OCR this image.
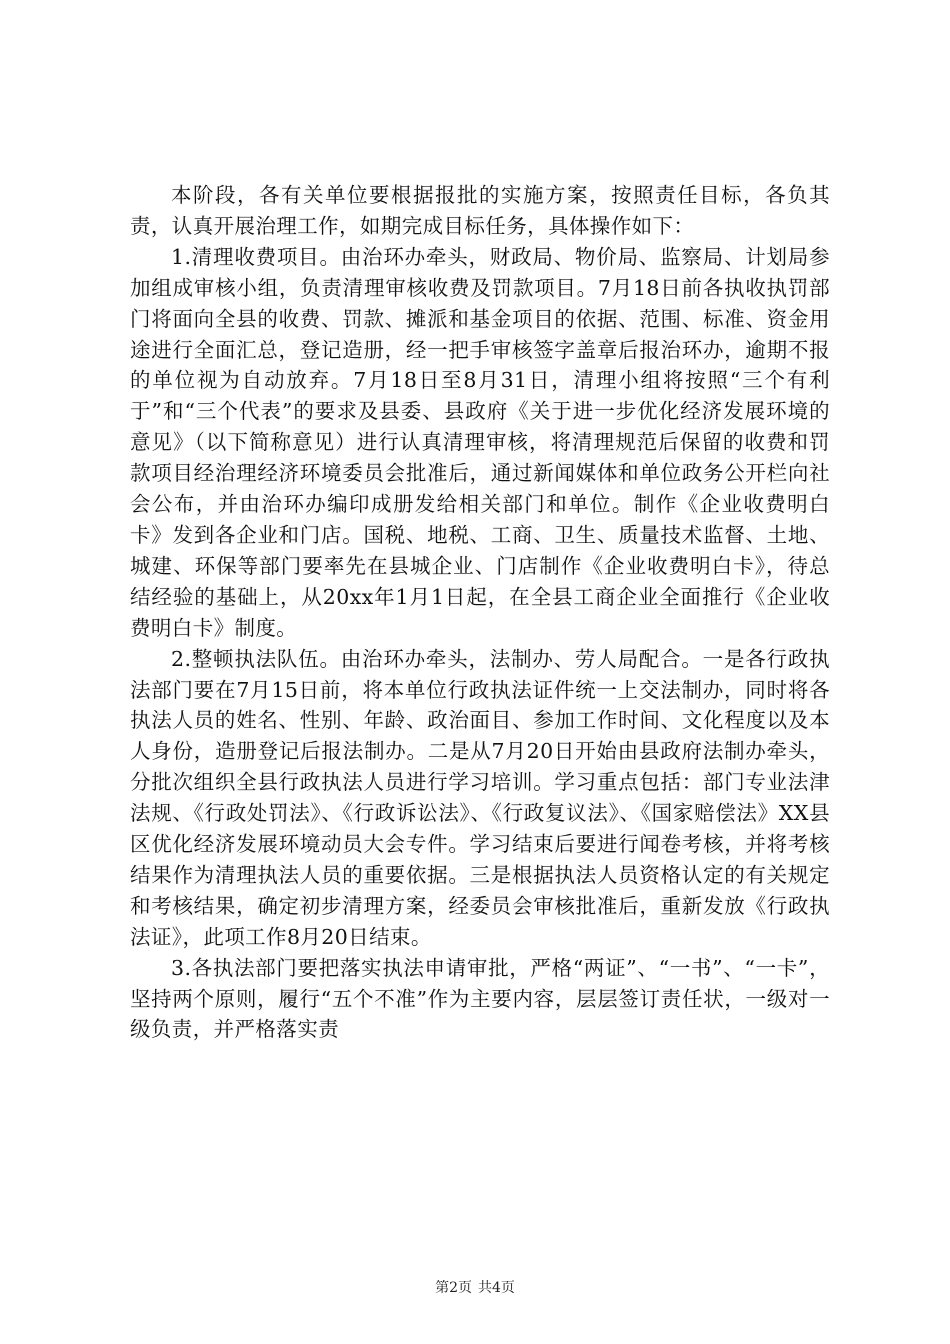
本阶段，各有关单位要根据报批的实施方案，按照责任目标，各负其责，认真开展治理工作，如期完成目标任务，具体操作如下：

1.清理收费项目。由治环办牵头，财政局、物价局、监察局、计划局参加组成审核小组，负责清理审核收费及罚款项目。7月18日前各执收执罚部门将面向全县的收费、罚款、摊派和基金项目的依据、范围、标准、资金用途进行全面汇总，登记造册，经一把手审核签字盖章后报治环办，逾期不报的单位视为自动放弃。7月18日至8月31日，清理小组将按照“三个有利于”和“三个代表”的要求及县委、县政府《关于进一步优化经济发展环境的意见》（以下简称意见）进行认真清理审核，将清理规范后保留的收费和罚款项目经治理经济环境委员会批准后，通过新闻媒体和单位政务公开栏向社会公布，并由治环办编印成册发给相关部门和单位。制作《企业收费明白卡》发到各企业和门店。国税、地税、工商、卫生、质量技术监督、土地、城建、环保等部门要率先在县城企业、门店制作《企业收费明白卡》，待总结经验的基础上，从20xx年1月1日起，在全县工商企业全面推行《企业收费明白卡》制度。

2.整顿执法队伍。由治环办牵头，法制办、劳人局配合。一是各行政执法部门要在7月15日前，将本单位行政执法证件统一上交法制办，同时将各执法人员的姓名、性别、年龄、政治面目、参加工作时间、文化程度以及本人身份，造册登记后报法制办。二是从7月20日开始由县政府法制办牵头，分批次组织全县行政执法人员进行学习培训。学习重点包括：部门专业法津法规、《行政处罚法》、《行政诉讼法》、《行政复议法》、《国家赔偿法》XX县区优化经济发展环境动员大会专件。学习结束后要进行闻卷考核，并将考核结果作为清理执法人员的重要依据。三是根据执法人员资格认定的有关规定和考核结果，确定初步清理方案，经委员会审核批准后，重新发放《行政执法证》，此项工作8月20日结束。

3.各执法部门要把落实执法申请审批，严格“两证”、“一书”、“一卡”，坚持两个原则，履行“五个不准”作为主要内容，层层签订责任状，一级对一级负责，并严格落实责

第2页 共4页
